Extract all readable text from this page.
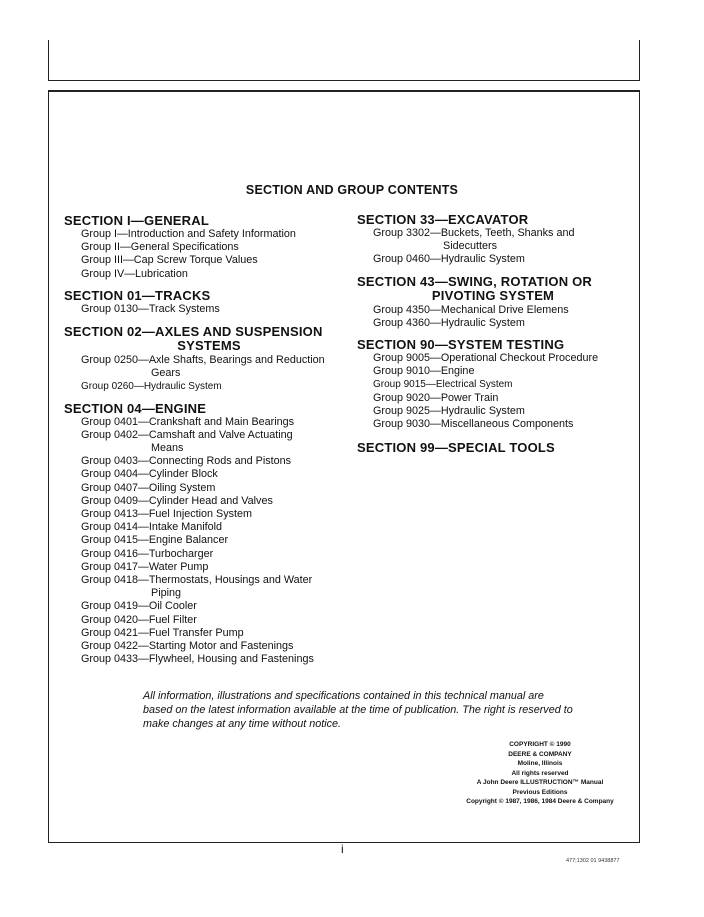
SECTION AND GROUP CONTENTS
SECTION I—GENERAL
Group I—Introduction and Safety Information
Group II—General Specifications
Group III—Cap Screw Torque Values
Group IV—Lubrication
SECTION 01—TRACKS
Group 0130—Track Systems
SECTION 02—AXLES AND SUSPENSION
SYSTEMS
Group 0250—Axle Shafts, Bearings and Reduction
Gears
Group 0260—Hydraulic System
SECTION 04—ENGINE
Group 0401—Crankshaft and Main Bearings
Group 0402—Camshaft and Valve Actuating
Means
Group 0403—Connecting Rods and Pistons
Group 0404—Cylinder Block
Group 0407—Oiling System
Group 0409—Cylinder Head and Valves
Group 0413—Fuel Injection System
Group 0414—Intake Manifold
Group 0415—Engine Balancer
Group 0416—Turbocharger
Group 0417—Water Pump
Group 0418—Thermostats, Housings and Water
Piping
Group 0419—Oil Cooler
Group 0420—Fuel Filter
Group 0421—Fuel Transfer Pump
Group 0422—Starting Motor and Fastenings
Group 0433—Flywheel, Housing and Fastenings
SECTION 33—EXCAVATOR
Group 3302—Buckets, Teeth, Shanks and
Sidecutters
Group 0460—Hydraulic System
SECTION 43—SWING, ROTATION OR
PIVOTING SYSTEM
Group 4350—Mechanical Drive Elemens
Group 4360—Hydraulic System
SECTION 90—SYSTEM TESTING
Group 9005—Operational Checkout Procedure
Group 9010—Engine
Group 9015—Electrical System
Group 9020—Power Train
Group 9025—Hydraulic System
Group 9030—Miscellaneous Components
SECTION 99—SPECIAL TOOLS
All information, illustrations and specifications contained in this technical manual are based on the latest information available at the time of publication. The right is reserved to make changes at any time without notice.
COPYRIGHT © 1990
DEERE & COMPANY
Moline, Illinois
All rights reserved
A John Deere ILLUSTRUCTION™ Manual
Previous Editions
Copyright © 1987, 1986, 1984 Deere & Company
i
477;1302 01 9438877
